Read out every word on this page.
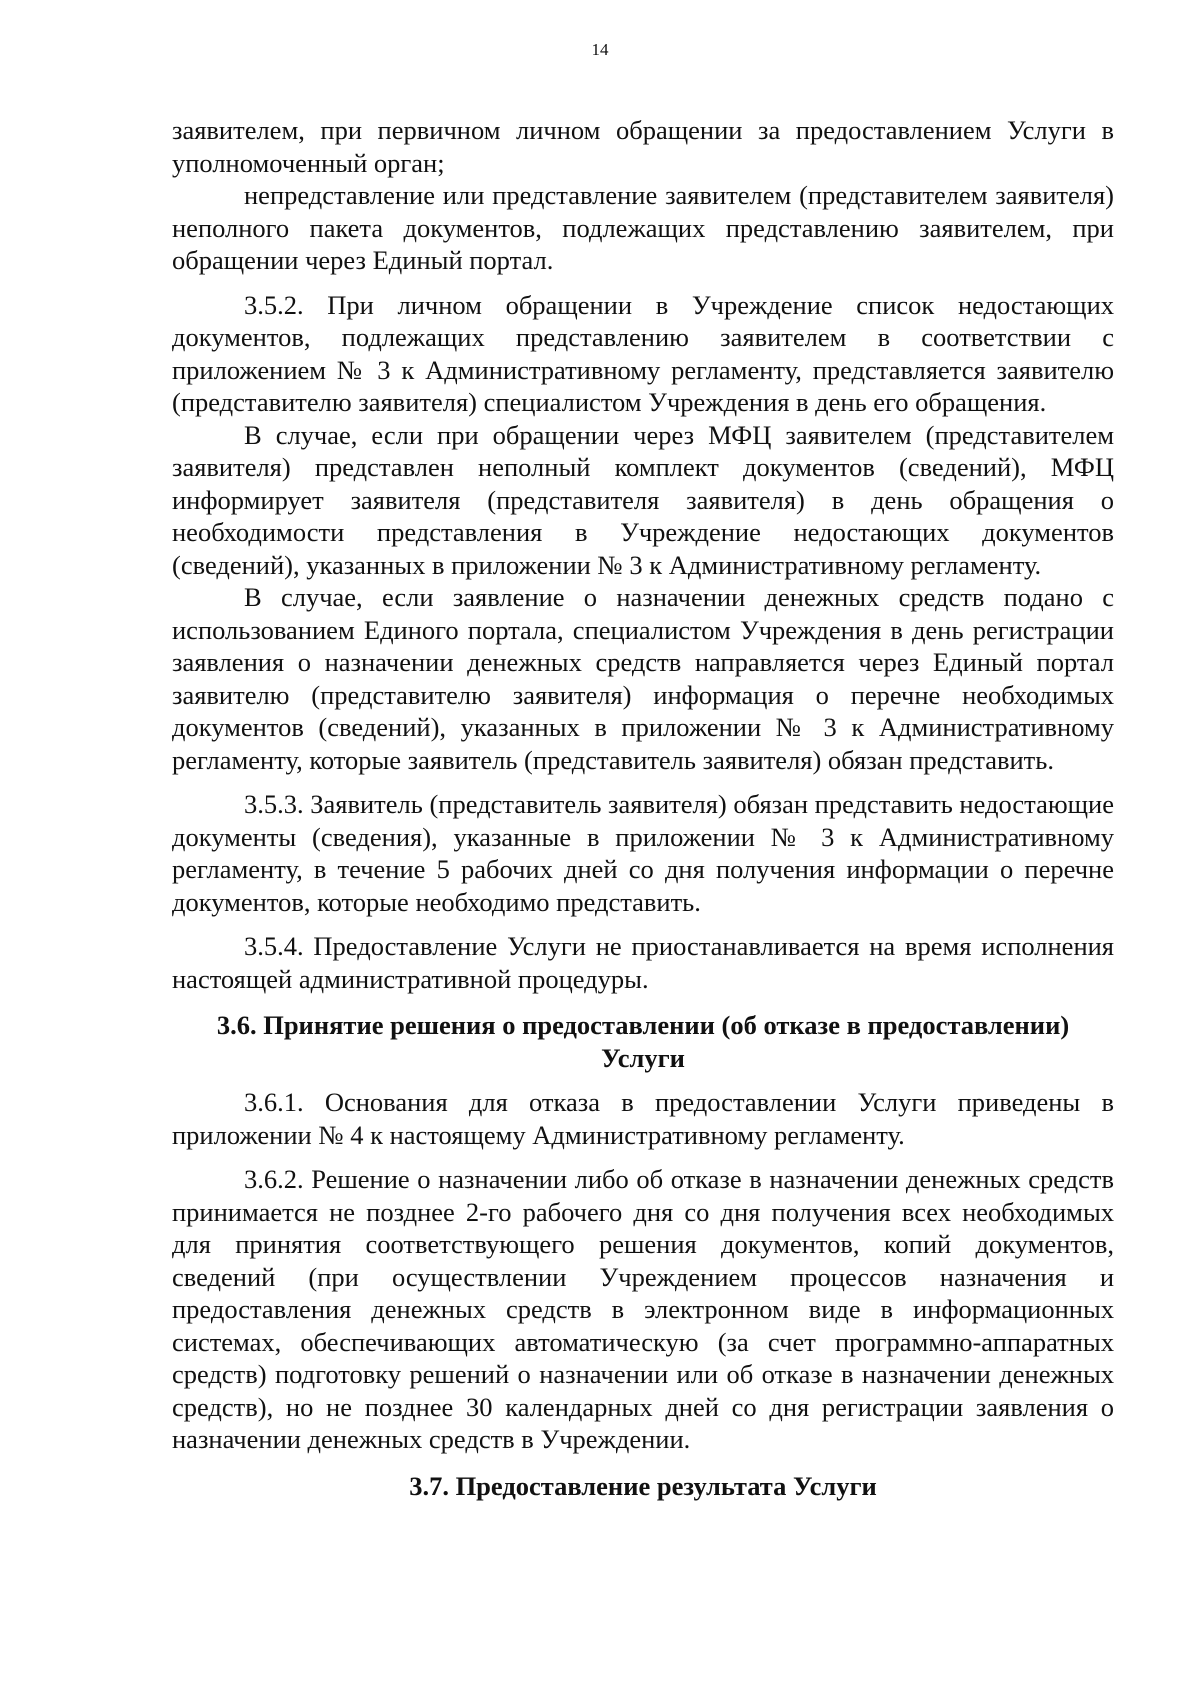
14

заявителем, при первичном личном обращении за предоставлением Услуги в уполномоченный орган;

непредставление или представление заявителем (представителем заявителя) неполного пакета документов, подлежащих представлению заявителем, при обращении через Единый портал.

3.5.2. При личном обращении в Учреждение список недостающих документов, подлежащих представлению заявителем в соответствии с приложением № 3 к Административному регламенту, представляется заявителю (представителю заявителя) специалистом Учреждения в день его обращения.

В случае, если при обращении через МФЦ заявителем (представителем заявителя) представлен неполный комплект документов (сведений), МФЦ информирует заявителя (представителя заявителя) в день обращения о необходимости представления в Учреждение недостающих документов (сведений), указанных в приложении № 3 к Административному регламенту.

В случае, если заявление о назначении денежных средств подано с использованием Единого портала, специалистом Учреждения в день регистрации заявления о назначении денежных средств направляется через Единый портал заявителю (представителю заявителя) информация о перечне необходимых документов (сведений), указанных в приложении № 3 к Административному регламенту, которые заявитель (представитель заявителя) обязан представить.

3.5.3. Заявитель (представитель заявителя) обязан представить недостающие документы (сведения), указанные в приложении № 3 к Административному регламенту, в течение 5 рабочих дней со дня получения информации о перечне документов, которые необходимо представить.

3.5.4. Предоставление Услуги не приостанавливается на время исполнения настоящей административной процедуры.

3.6. Принятие решения о предоставлении (об отказе в предоставлении) Услуги

3.6.1. Основания для отказа в предоставлении Услуги приведены в приложении № 4 к настоящему Административному регламенту.

3.6.2. Решение о назначении либо об отказе в назначении денежных средств принимается не позднее 2-го рабочего дня со дня получения всех необходимых для принятия соответствующего решения документов, копий документов, сведений (при осуществлении Учреждением процессов назначения и предоставления денежных средств в электронном виде в информационных системах, обеспечивающих автоматическую (за счет программно-аппаратных средств) подготовку решений о назначении или об отказе в назначении денежных средств), но не позднее 30 календарных дней со дня регистрации заявления о назначении денежных средств в Учреждении.

3.7. Предоставление результата Услуги
